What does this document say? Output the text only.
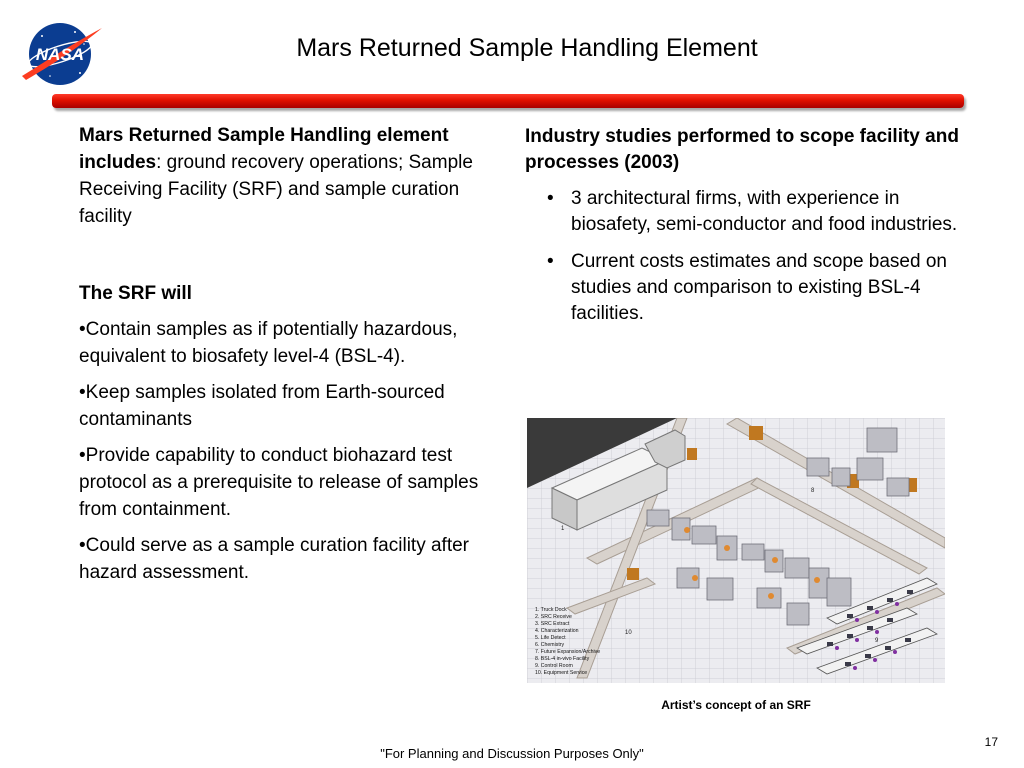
NASA	Mars Returned Sample Handling Element

Mars Returned Sample Handling element includes: ground recovery operations; Sample Receiving Facility (SRF) and sample curation facility

The SRF will

•Contain samples as if potentially hazardous, equivalent to biosafety level-4 (BSL-4).

•Keep samples isolated from Earth-sourced contaminants

•Provide capability to conduct biohazard test protocol as a prerequisite to release of samples from containment.

•Could serve as a sample curation facility after hazard assessment.

Industry studies performed to scope facility and processes (2003)

• 3 architectural firms, with experience in biosafety, semi-conductor and food industries.
• Current costs estimates and scope based on studies and comparison to existing BSL-4 facilities.
1
8
10
9
1. Truck Dock
2. SRC Receive
3. SRC Extract
4. Characterization
5. Life Detect
6. Chemistry
7. Future Expansion/Archive
8. BSL-4 in-vivo Facility
9. Control Room
10. Equipment Service
Artist’s concept of an SRF
"For Planning and Discussion Purposes Only"
17
